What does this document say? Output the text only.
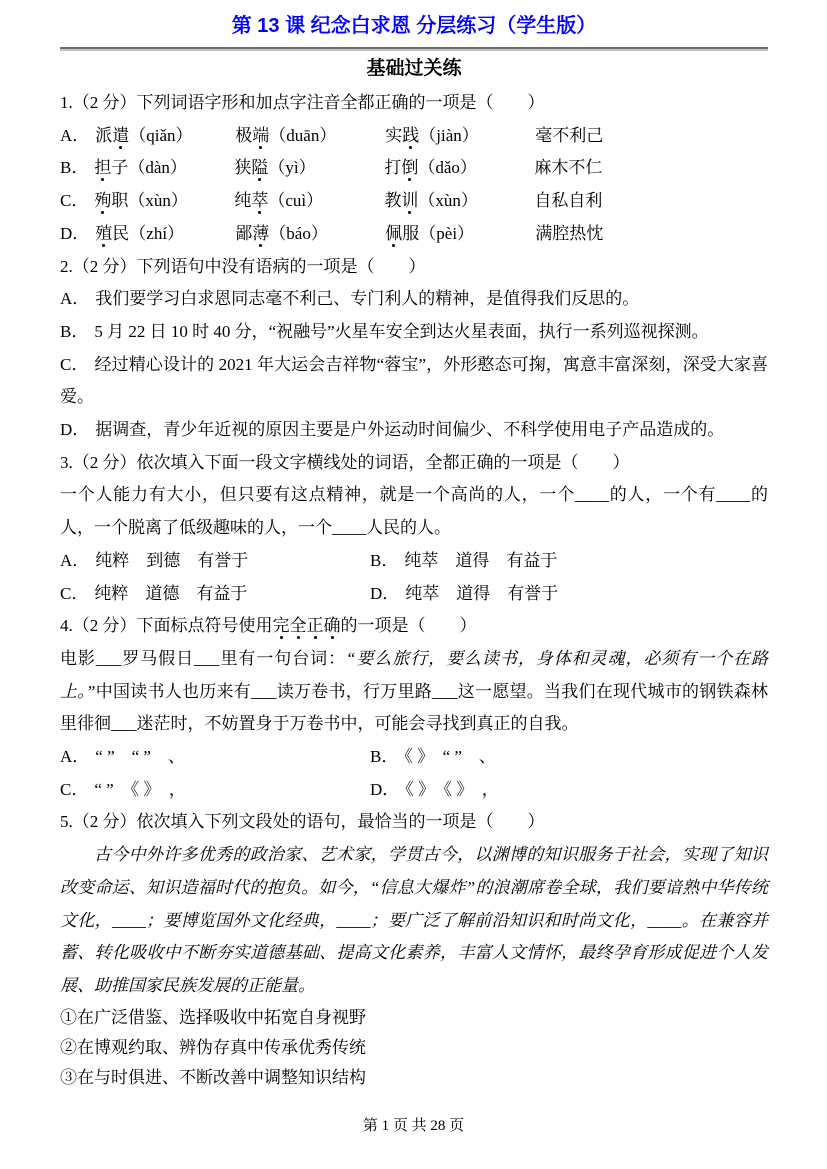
第 13 课 纪念白求恩 分层练习（学生版）
基础过关练

1.（2 分）下列词语字形和加点字注音全都正确的一项是（　　）

A． 派遣（qiǎn）	极端（duān）	实践（jiàn）	毫不利己

B． 担子（dàn）	狭隘（yì）	打倒（dǎo）	麻木不仁

C． 殉职（xùn）	纯萃（cuì）	教训（xùn）	自私自利

D． 殖民（zhí）	鄙薄（báo）	佩服（pèi）	满腔热忱

2.（2 分）下列语句中没有语病的一项是（　　）

A． 我们要学习白求恩同志毫不利己、专门利人的精神，是值得我们反思的。

B． 5 月 22 日 10 时 40 分，“祝融号”火星车安全到达火星表面，执行一系列巡视探测。

C． 经过精心设计的 2021 年大运会吉祥物“蓉宝”，外形憨态可掬，寓意丰富深刻，深受大家喜爱。

D． 据调查，青少年近视的原因主要是户外运动时间偏少、不科学使用电子产品造成的。

3.（2 分）依次填入下面一段文字横线处的词语，全都正确的一项是（　　）

一个人能力有大小，但只要有这点精神，就是一个高尚的人，一个____的人，一个有____的人，一个脱离了低级趣味的人，一个____人民的人。

A． 纯粹　到德　有誉于	B． 纯萃　道得　有益于

C． 纯粹　道德　有益于	D． 纯萃　道得　有誉于

4.（2 分）下面标点符号使用完全正确的一项是（　　）

电影___罗马假日___里有一句台词：“要么旅行，要么读书，身体和灵魂，必须有一个在路上。”中国读书人也历来有___读万卷书，行万里路___这一愿望。当我们在现代城市的钢铁森林里徘徊___迷茫时，不妨置身于万卷书中，可能会寻找到真正的自我。

A． “ ”　“ ”　、	B． 《 》　“ ”　、

C． “ ”　《 》　，	D． 《 》　《 》　，

5.（2 分）依次填入下列文段处的语句，最恰当的一项是（　　）

古今中外许多优秀的政治家、艺术家，学贯古今，以渊博的知识服务于社会，实现了知识改变命运、知识造福时代的抱负。如今，“信息大爆炸”的浪潮席卷全球，我们要谙熟中华传统文化，____；要博览国外文化经典，____；要广泛了解前沿知识和时尚文化，____。在兼容并蓄、转化吸收中不断夯实道德基础、提高文化素养，丰富人文情怀，最终孕育形成促进个人发展、助推国家民族发展的正能量。

①在广泛借鉴、选择吸收中拓宽自身视野

②在博观约取、辨伪存真中传承优秀传统

③在与时俱进、不断改善中调整知识结构

第 1 页 共 28 页
